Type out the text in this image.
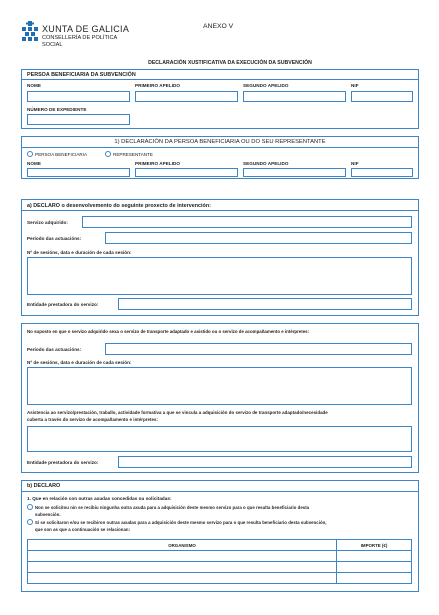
XUNTA DE GALICIA
CONSELLERÍA DE POLÍTICA
SOCIAL
ANEXO V
DECLARACIÓN XUSTIFICATIVA DA EXECUCIÓN DA SUBVENCIÓN
PERSOA BENEFICIARIA DA SUBVENCIÓN
NOME	PRIMEIRO APELIDO	SEGUNDO APELIDO	NIF
NÚMERO DE EXPEDIENTE
1) DECLARACIÓN DA PERSOA BENEFICIARIA OU DO SEU REPRESENTANTE
PERSOA BENEFICIARIA	REPRESENTANTE
NOME	PRIMEIRO APELIDO	SEGUNDO APELIDO	NIF
a) DECLARO o desenvolvemento do seguinte proxecto de intervención:
Servizo adquirido:
Período das actuacións:
Nº de sesións, data e duración de cada sesión:
Entidade prestadora do servizo:
No suposto en que o servizo adquirido sexa o servizo de transporte adaptado e asistido ou o servizo de acompañamento e intérpretes:
Período das actuacións:
Nº de sesións, data e duración de cada sesión:
Asistencia ao servizo/prestación, traballo, actividade formativa a que se vincula a adquisición do servizo de transporte adaptado/necesidade
cuberta a través do servizo de acompañamento e intérpretes:
Entidade prestadora do servizo:
b) DECLARO
1. Que en relación con outras axudas concedidas ou solicitadas:
Non se solicitou nin se recibiu ningunha outra axuda para a adquisición deste mesmo servizo para o que resulta beneficiario desta
subvención.
Si se solicitaron e/ou se recibiron outras axudas para a adquisición deste mesmo servizo para o que resulta beneficiario desta subvención,
que son as que a continuación se relacionan:
ORGANISMO	IMPORTE (€)
